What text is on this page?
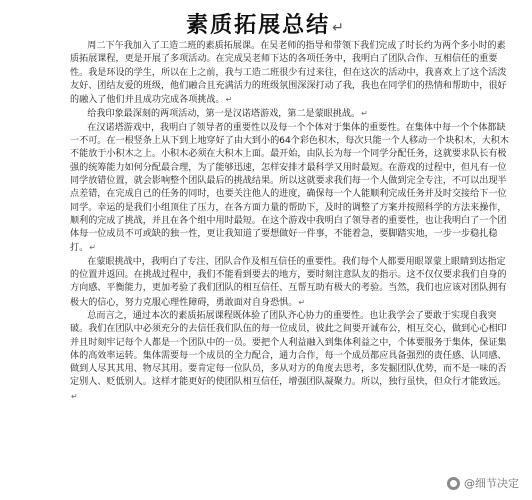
素质拓展总结 ↵

周二下午我加入了工造二班的素质拓展课。在吴老师的指导和带领下我们完成了时长约为两个多小时的素质拓展课程，更是开展了多项活动。在完成吴老师下达的各项任务中，我明白了团队合作、互相信任的重要性。我是环设的学生，所以在上之前，我与工造二班很少有过来往，但在这次的活动中，我喜欢上了这个活泼友好、团结友爱的班级，他们融合且充满活力的班级氛围深深打动了我，我也在同学们的热情和帮助中，很好的融入了他们并且成功完成各项挑战。↵

给我印象最深刻的两项活动，第一是汉诺塔游戏，第二是蒙眼挑战。↵

在汉诺塔游戏中，我明白了领导者的重要性以及每一个个体对于集体的重要性。在集体中每一个个体都缺一不可。在一根竖条上从下到上地穿好了由大到小的64个彩色积木，每次只能一个人移动一个块积木，大积木不能放于小积木之上。小积木必须在大积木上面。最开始，由队长为每一个同学分配任务，这就要求队长有极强的统筹能力如何分配最合理，为了能够迅速，怎样安排才最科学又用时最短。在游戏的过程中，但凡有一位同学放错位置，就会影响整个团队最后的挑战结果。所以这就要求我们每一个人做到完全专注，不可以出现半点差错，在完成自己的任务的同时，也要关注他人的进度，确保每一个人能顺利完成任务并及时交接给下一位同学。幸运的是我们小组顶住了压力，在各方面力量的帮助下，及时的调整了方案并按照科学的方法来操作，顺利的完成了挑战，并且在各个组中用时最短。在这个游戏中我明白了领导者的重要性，也让我明白了一个团体每一位成员不可或缺的独一性，更让我知道了要想做好一件事，不能着急，要脚踏实地，一步一步稳扎稳打。↵

在蒙眼挑战中，我明白了专注、团队合作及相互信任的重要性。我们每个人都要用眼罩蒙上眼睛到达指定的位置并返回。在挑战过程中，我们不能看到要去的地方，要时刻注意队友的指示。这不仅仅要求我们自身的方向感、平衡能力，更加考验了我们团队的相互信任、互帮互助有极大的考验。当然，我们也应该对团队拥有极大的信心，努力克服心理性障碍，勇敢面对自身恐惧。↵

总而言之，通过本次的素质拓展课程既体验了团队齐心协力的重要性。也让我学会了要敢于实现自我突破。我们在团队中必须充分的去信任我们队伍的每一位成员，彼此之间要开诚布公，相互交心，做到心心相印并且时刻牢记每个人都是一个团队中的一员。要把个人利益融入到集体利益之中，个体要服务于集体，保证集体的高效率运转。集体需要每一个成员的全力配合，通力合作，每一个成员都应具备强烈的责任感、认同感、做到人尽其其用、物尽其用。要肯定每一位队员，多从对方的角度去思考，多发掘团队优势，而不是一味的否定别人、贬低别人。这样才能更好的使团队相互信任，增强团队凝聚力。所以，独行虽快，但众行才能致远。↵

@细节决定
